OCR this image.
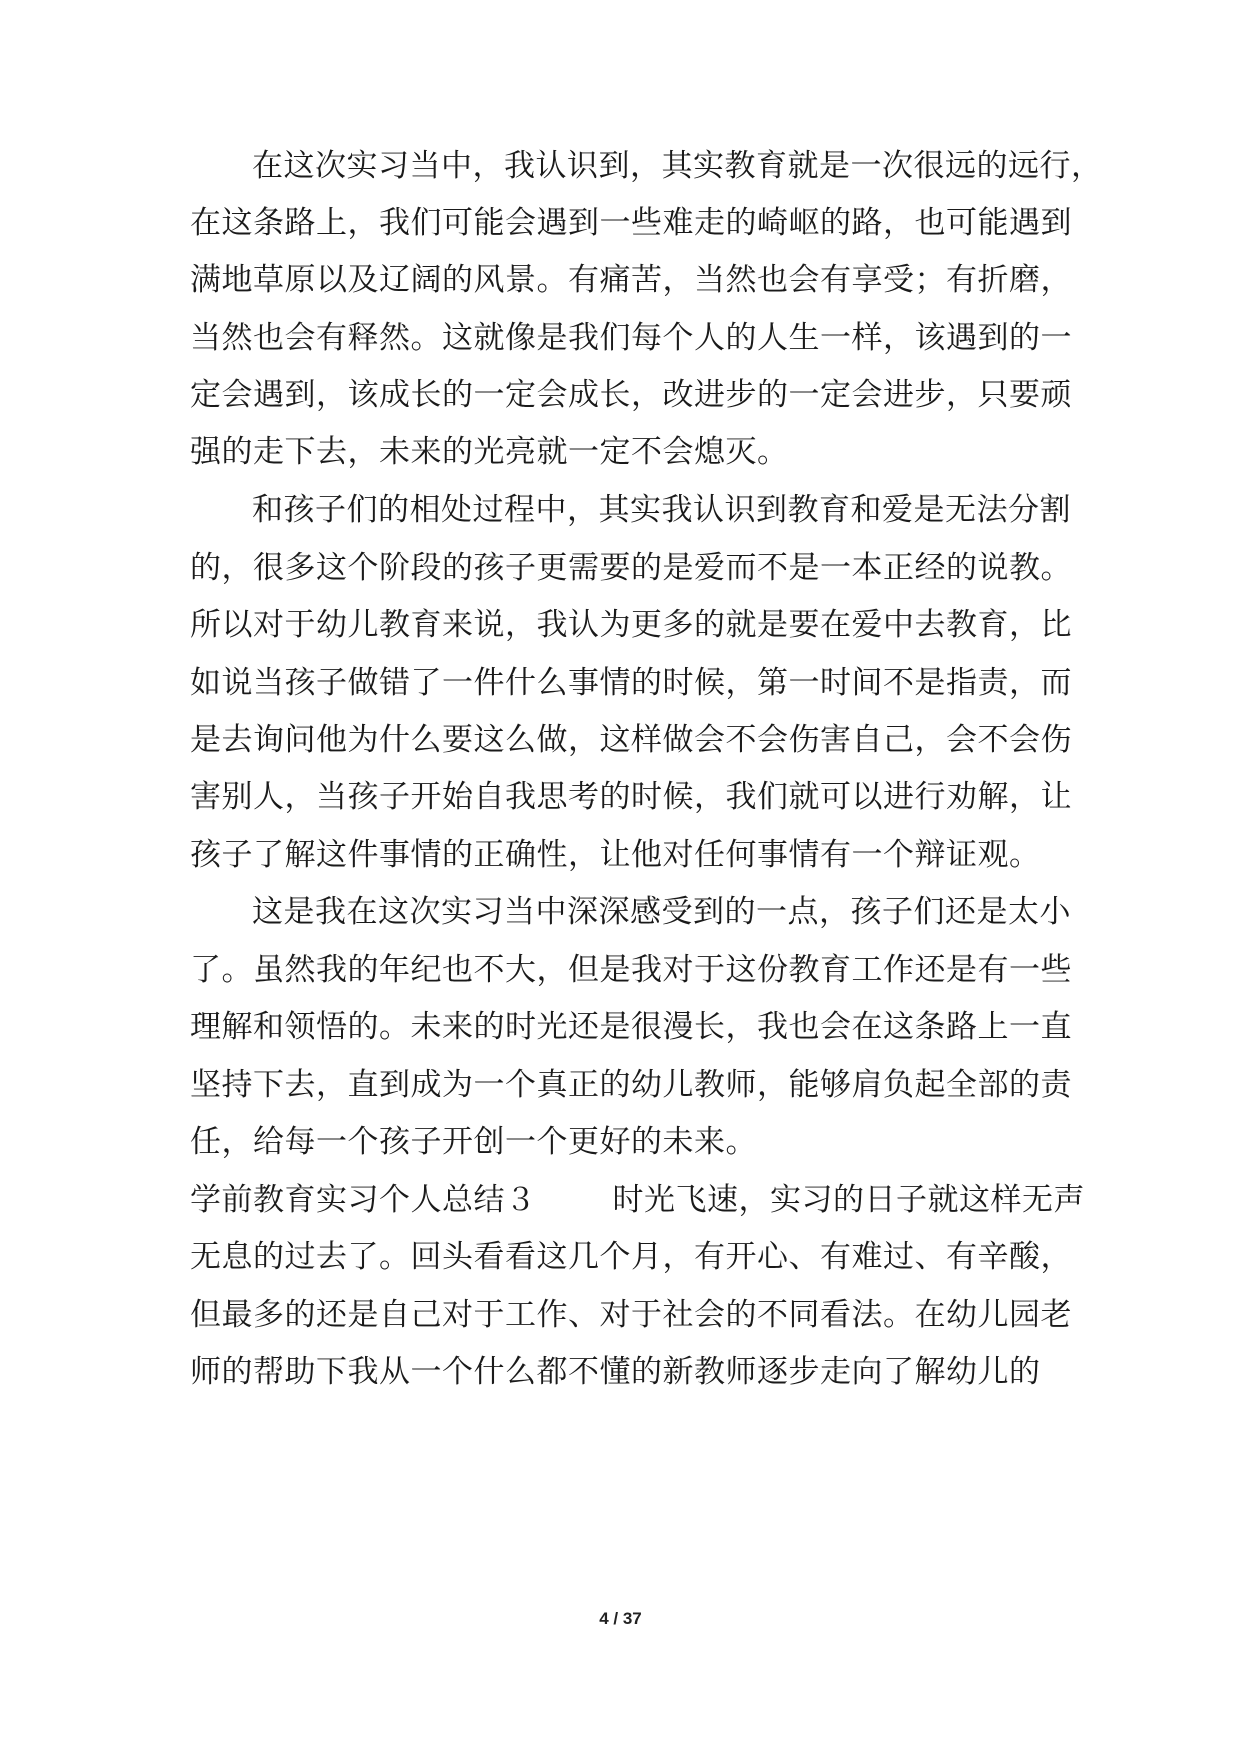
在这次实习当中，我认识到，其实教育就是一次很远的远行，
在这条路上，我们可能会遇到一些难走的崎岖的路，也可能遇到
满地草原以及辽阔的风景。有痛苦，当然也会有享受；有折磨，
当然也会有释然。这就像是我们每个人的人生一样，该遇到的一
定会遇到，该成长的一定会成长，改进步的一定会进步，只要顽
强的走下去，未来的光亮就一定不会熄灭。
和孩子们的相处过程中，其实我认识到教育和爱是无法分割
的，很多这个阶段的孩子更需要的是爱而不是一本正经的说教。
所以对于幼儿教育来说，我认为更多的就是要在爱中去教育，比
如说当孩子做错了一件什么事情的时候，第一时间不是指责，而
是去询问他为什么要这么做，这样做会不会伤害自己，会不会伤
害别人，当孩子开始自我思考的时候，我们就可以进行劝解，让
孩子了解这件事情的正确性，让他对任何事情有一个辩证观。
这是我在这次实习当中深深感受到的一点，孩子们还是太小
了。虽然我的年纪也不大，但是我对于这份教育工作还是有一些
理解和领悟的。未来的时光还是很漫长，我也会在这条路上一直
坚持下去，直到成为一个真正的幼儿教师，能够肩负起全部的责
任，给每一个孩子开创一个更好的未来。
学前教育实习个人总结３ 时光飞速，实习的日子就这样无声
无息的过去了。回头看看这几个月，有开心、有难过、有辛酸，
但最多的还是自己对于工作、对于社会的不同看法。在幼儿园老
师的帮助下我从一个什么都不懂的新教师逐步走向了解幼儿的
4 / 37
